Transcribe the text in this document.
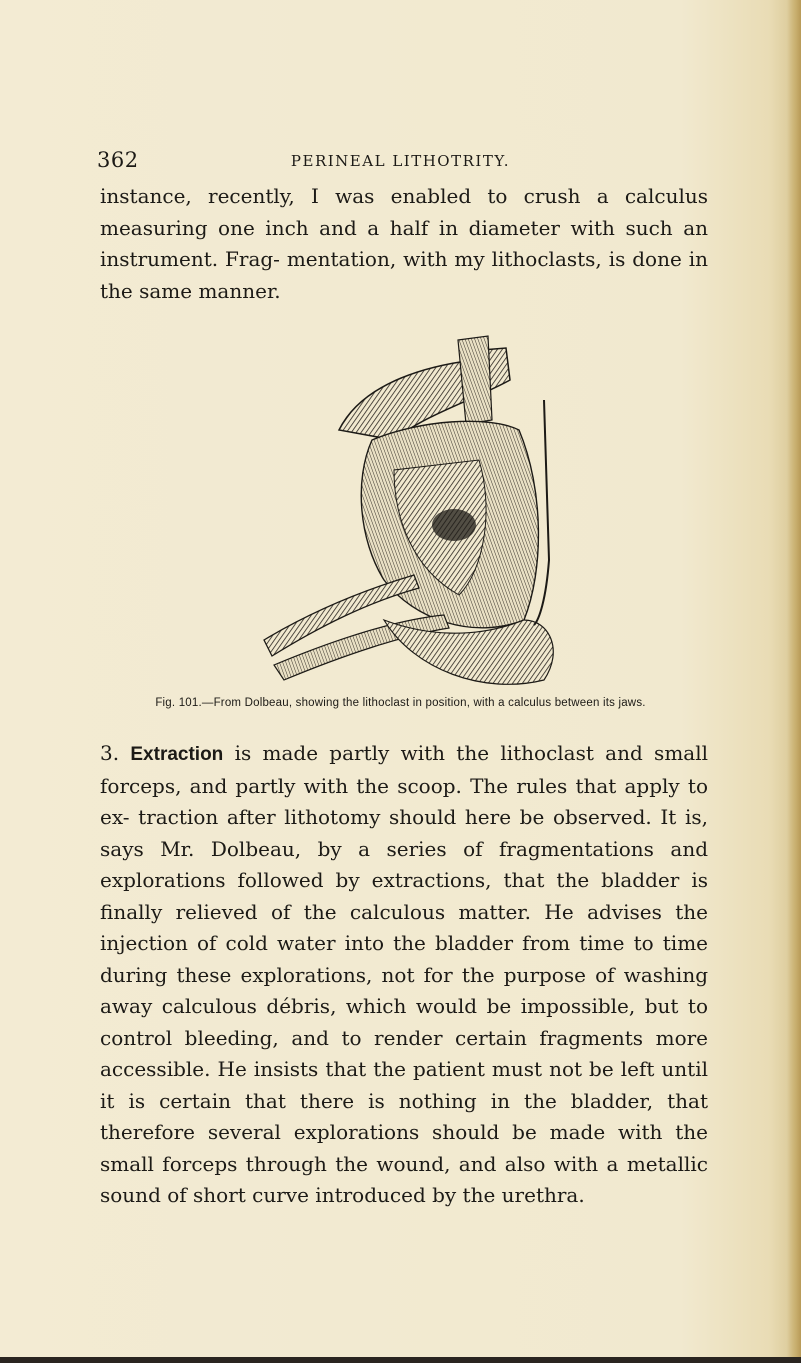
362	PERINEAL LITHOTRITY.
instance, recently, I was enabled to crush a calculus measuring one inch and a half in diameter with such an instrument. Frag- mentation, with my lithoclasts, is done in the same manner.
Fig. 101.—From Dolbeau, showing the lithoclast in position, with a calculus between its jaws.
3. Extraction is made partly with the lithoclast and small forceps, and partly with the scoop. The rules that apply to ex- traction after lithotomy should here be observed. It is, says Mr. Dolbeau, by a series of fragmentations and explorations followed by extractions, that the bladder is finally relieved of the calculous matter. He advises the injection of cold water into the bladder from time to time during these explorations, not for the purpose of washing away calculous débris, which would be impossible, but to control bleeding, and to render certain fragments more accessible. He insists that the patient must not be left until it is certain that there is nothing in the bladder, that therefore several explorations should be made with the small forceps through the wound, and also with a metallic sound of short curve introduced by the urethra.
